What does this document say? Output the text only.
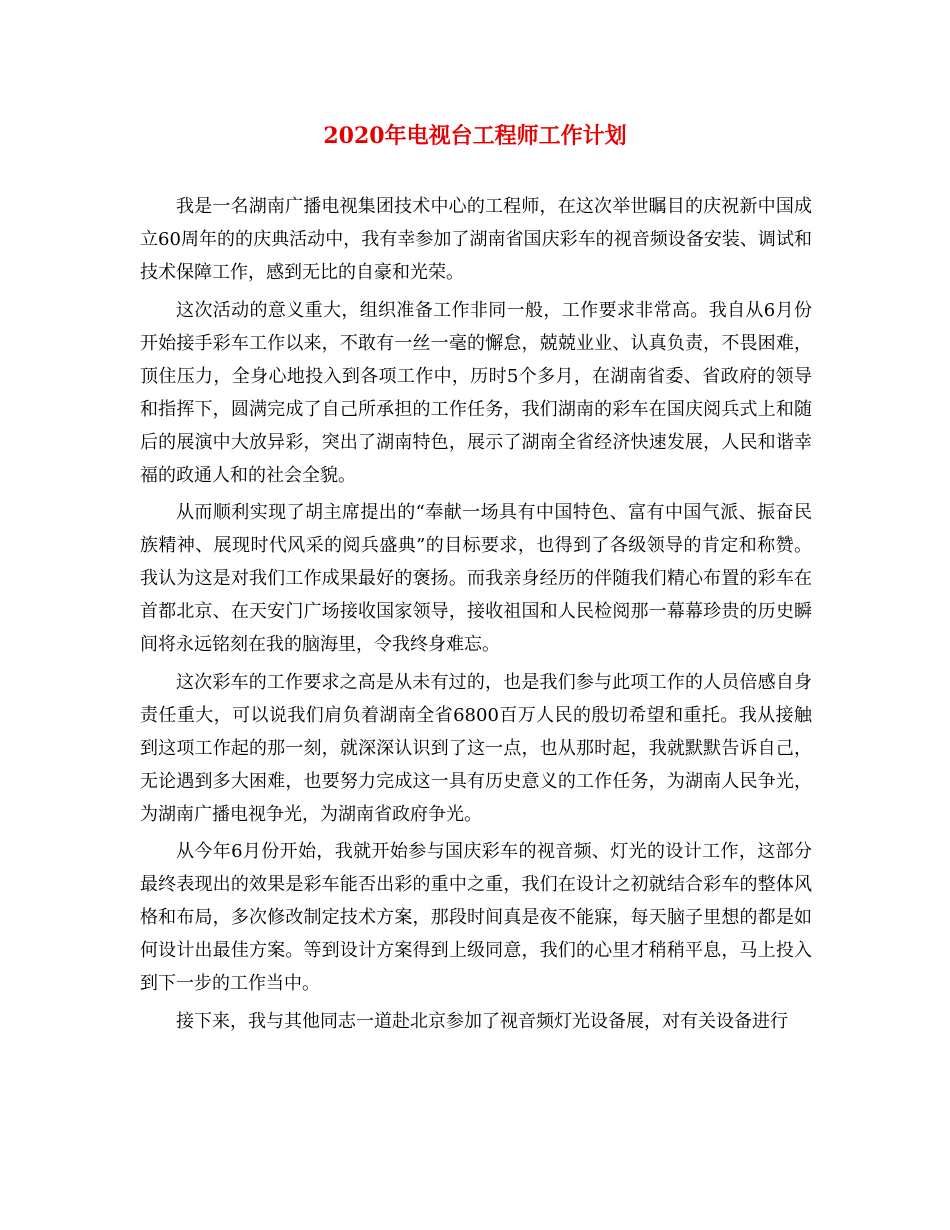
2020年电视台工程师工作计划

我是一名湖南广播电视集团技术中心的工程师，在这次举世瞩目的庆祝新中国成立60周年的的庆典活动中，我有幸参加了湖南省国庆彩车的视音频设备安装、调试和技术保障工作，感到无比的自豪和光荣。

这次活动的意义重大，组织准备工作非同一般，工作要求非常高。我自从6月份开始接手彩车工作以来，不敢有一丝一毫的懈怠，兢兢业业、认真负责，不畏困难，顶住压力，全身心地投入到各项工作中，历时5个多月，在湖南省委、省政府的领导和指挥下，圆满完成了自己所承担的工作任务，我们湖南的彩车在国庆阅兵式上和随后的展演中大放异彩，突出了湖南特色，展示了湖南全省经济快速发展，人民和谐幸福的政通人和的社会全貌。

从而顺利实现了胡主席提出的“奉献一场具有中国特色、富有中国气派、振奋民族精神、展现时代风采的阅兵盛典”的目标要求，也得到了各级领导的肯定和称赞。我认为这是对我们工作成果最好的褒扬。而我亲身经历的伴随我们精心布置的彩车在首都北京、在天安门广场接收国家领导，接收祖国和人民检阅那一幕幕珍贵的历史瞬间将永远铭刻在我的脑海里，令我终身难忘。

这次彩车的工作要求之高是从未有过的，也是我们参与此项工作的人员倍感自身责任重大，可以说我们肩负着湖南全省6800百万人民的殷切希望和重托。我从接触到这项工作起的那一刻，就深深认识到了这一点，也从那时起，我就默默告诉自己，无论遇到多大困难，也要努力完成这一具有历史意义的工作任务，为湖南人民争光，为湖南广播电视争光，为湖南省政府争光。

从今年6月份开始，我就开始参与国庆彩车的视音频、灯光的设计工作，这部分最终表现出的效果是彩车能否出彩的重中之重，我们在设计之初就结合彩车的整体风格和布局，多次修改制定技术方案，那段时间真是夜不能寐，每天脑子里想的都是如何设计出最佳方案。等到设计方案得到上级同意，我们的心里才稍稍平息，马上投入到下一步的工作当中。

接下来，我与其他同志一道赴北京参加了视音频灯光设备展，对有关设备进行
